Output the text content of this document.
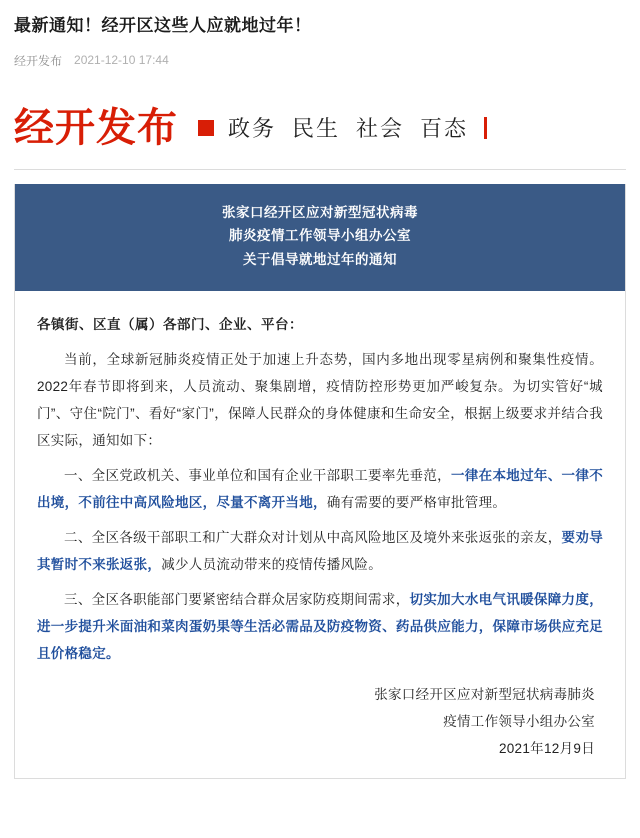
最新通知！经开区这些人应就地过年！
经开发布 2021-12-10 17:44
经开发布 政务 民生 社会 百态
张家口经开区应对新型冠状病毒
肺炎疫情工作领导小组办公室
关于倡导就地过年的通知
各镇街、区直（属）各部门、企业、平台：

当前，全球新冠肺炎疫情正处于加速上升态势，国内多地出现零星病例和聚集性疫情。2022年春节即将到来，人员流动、聚集剧增，疫情防控形势更加严峻复杂。为切实管好“城门”、守住“院门”、看好“家门”，保障人民群众的身体健康和生命安全，根据上级要求并结合我区实际，通知如下：

一、全区党政机关、事业单位和国有企业干部职工要率先垂范，一律在本地过年、一律不出境，不前往中高风险地区，尽量不离开当地，确有需要的要严格审批管理。

二、全区各级干部职工和广大群众对计划从中高风险地区及境外来张返张的亲友，要劝导其暂时不来张返张，减少人员流动带来的疫情传播风险。

三、全区各职能部门要紧密结合群众居家防疫期间需求，切实加大水电气讯暖保障力度，进一步提升米面油和菜肉蛋奶果等生活必需品及防疫物资、药品供应能力，保障市场供应充足且价格稳定。

张家口经开区应对新型冠状病毒肺炎
疫情工作领导小组办公室
2021年12月9日
